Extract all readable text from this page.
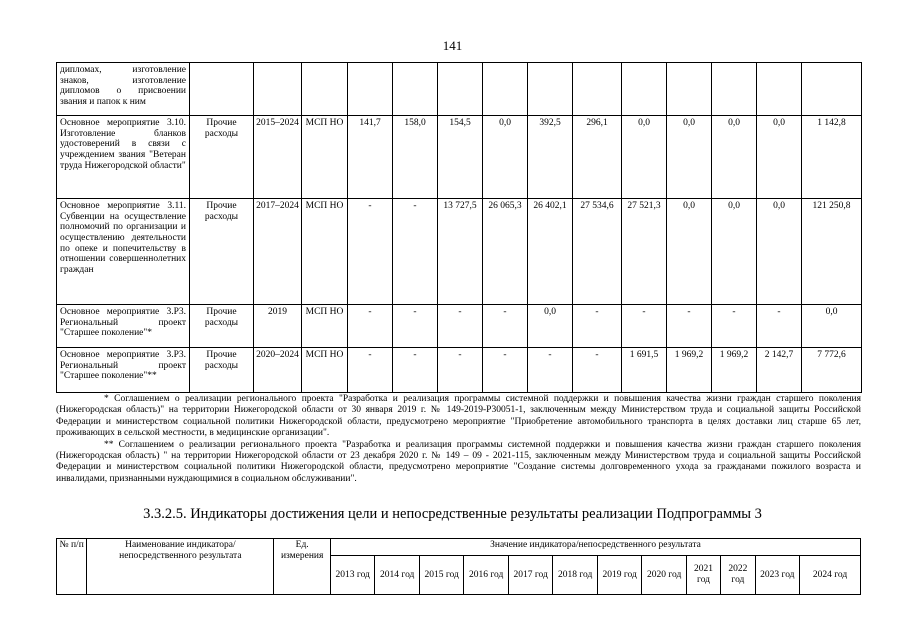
141
дипломах, изготовление знаков, изготовление дипломов о присвоении звания и папок к ним														
Основное мероприятие 3.10. Изготовление бланков удостоверений в связи с учреждением звания "Ветеран труда Нижегородской области"	Прочие расходы	2015–2024	МСП НО	141,7	158,0	154,5	0,0	392,5	296,1	0,0	0,0	0,0	0,0	1 142,8
Основное мероприятие 3.11. Субвенции на осуществление полномочий по организации и осуществлению деятельности по опеке и попечительству в отношении совершеннолетних граждан	Прочие расходы	2017–2024	МСП НО	-	-	13 727,5	26 065,3	26 402,1	27 534,6	27 521,3	0,0	0,0	0,0	121 250,8
Основное мероприятие 3.Р3. Региональный проект "Старшее поколение"*	Прочие расходы	2019	МСП НО	-	-	-	-	0,0	-	-	-	-	-	0,0
Основное мероприятие 3.Р3. Региональный проект "Старшее поколение"**	Прочие расходы	2020–2024	МСП НО	-	-	-	-	-	-	1 691,5	1 969,2	1 969,2	2 142,7	7 772,6

* Соглашением о реализации регионального проекта "Разработка и реализация программы системной поддержки и повышения качества жизни граждан старшего поколения (Нижегородская область)" на территории Нижегородской области от 30 января 2019 г. № 149-2019-P30051-1, заключенным между Министерством труда и социальной защиты Российской Федерации и министерством социальной политики Нижегородской области, предусмотрено мероприятие "Приобретение автомобильного транспорта в целях доставки лиц старше 65 лет, проживающих в сельской местности, в медицинские организации".

** Соглашением о реализации регионального проекта "Разработка и реализация программы системной поддержки и повышения качества жизни граждан старшего поколения (Нижегородская область) " на территории Нижегородской области от 23 декабря 2020 г. № 149 – 09 - 2021-115, заключенным между Министерством труда и социальной защиты Российской Федерации и министерством социальной политики Нижегородской области, предусмотрено мероприятие "Создание системы долговременного ухода за гражданами пожилого возраста и инвалидами, признанными нуждающимися в социальном обслуживании".

3.3.2.5. Индикаторы достижения цели и непосредственные результаты реализации Подпрограммы 3
№ п/п	Наименование индикатора/непосредственного результата	Ед. измерения	Значение индикатора/непосредственного результата											
			2013 год	2014 год	2015 год	2016 год	2017 год	2018 год	2019 год	2020 год	2021 год	2022 год	2023 год	2024 год
